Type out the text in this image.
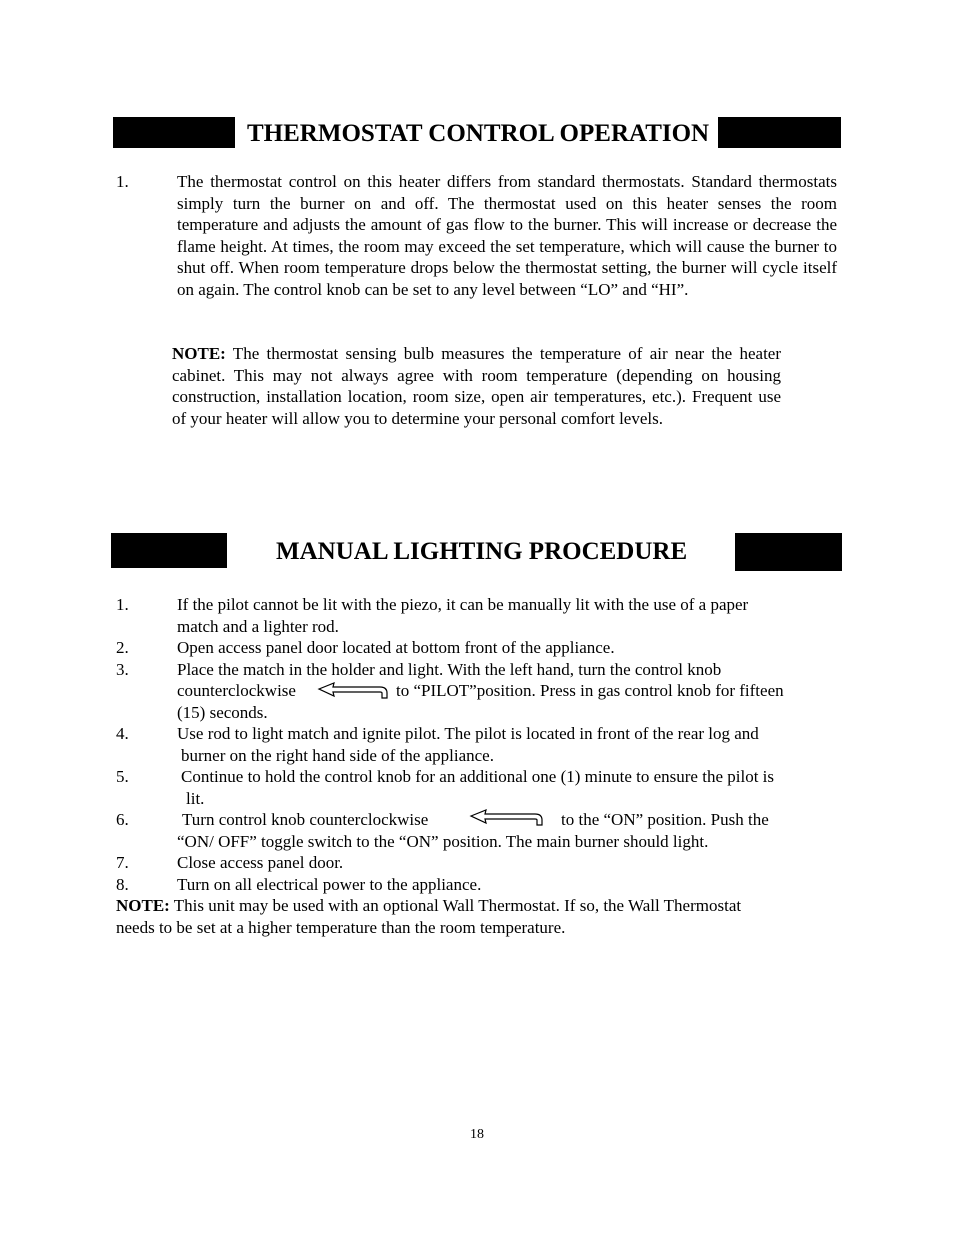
THERMOSTAT CONTROL OPERATION
1.	The thermostat control on this heater differs from standard thermostats. Standard thermostats simply turn the burner on and off. The thermostat used on this heater senses the room temperature and adjusts the amount of gas flow to the burner. This will increase or decrease the flame height. At times, the room may exceed the set temperature, which will cause the burner to shut off. When room temperature drops below the thermostat setting, the burner will cycle itself on again. The control knob can be set to any level between “LO” and “HI”.
NOTE: The thermostat sensing bulb measures the temperature of air near the heater cabinet. This may not always agree with room temperature (depending on housing construction, installation location, room size, open air temperatures, etc.). Frequent use of your heater will allow you to determine your personal comfort levels.
MANUAL LIGHTING PROCEDURE
1.	If the pilot cannot be lit with the piezo, it can be manually lit with the use of a paper
match and a lighter rod.
2.	Open access panel door located at bottom front of the appliance.
3.	Place the match in the holder and light. With the left hand, turn the control knob
counterclockwise	to “PILOT”position. Press in gas control knob for fifteen
(15) seconds.
4.	Use rod to light match and ignite pilot. The pilot is located in front of the rear log and
burner on the right hand side of the appliance.
5.	Continue to hold the control knob for an additional one (1) minute to ensure the pilot is
lit.
6.	Turn control knob counterclockwise	to the “ON” position. Push the
“ON/ OFF” toggle switch to the “ON” position. The main burner should light.
7.	Close access panel door.
8.	Turn on all electrical power to the appliance.
NOTE: This unit may be used with an optional Wall Thermostat. If so, the Wall Thermostat
needs to be set at a higher temperature than the room temperature.
18
